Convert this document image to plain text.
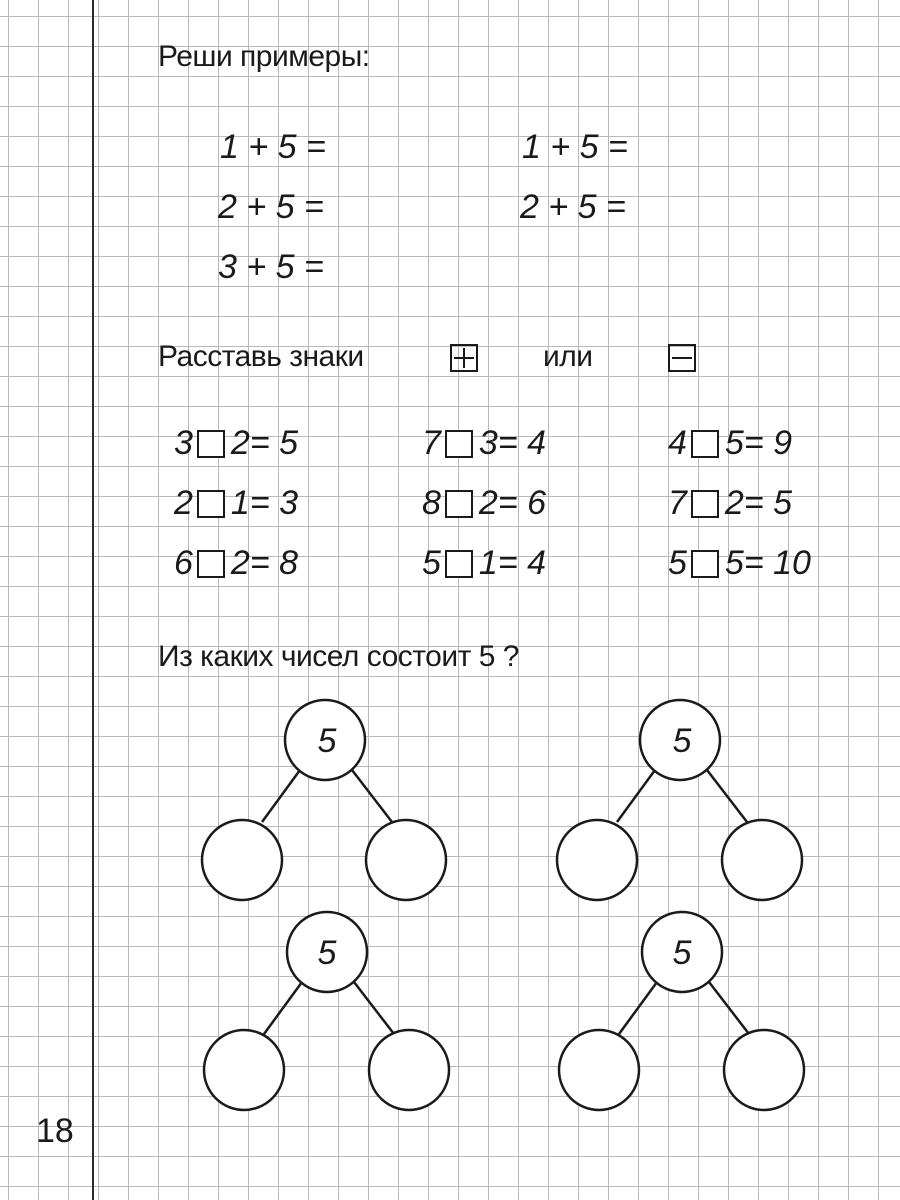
Реши примеры:
1 + 5 =
2 + 5 =
3 + 5 =
1 + 5 =
2 + 5 =
Расставь знаки	или
3 2= 5	7 3= 4	4 5= 9
2 1= 3	8 2= 6	7 2= 5
6 2= 8	5 1= 4	5 5= 10
Из каких чисел состоит 5 ?
5	5
5	5
18
